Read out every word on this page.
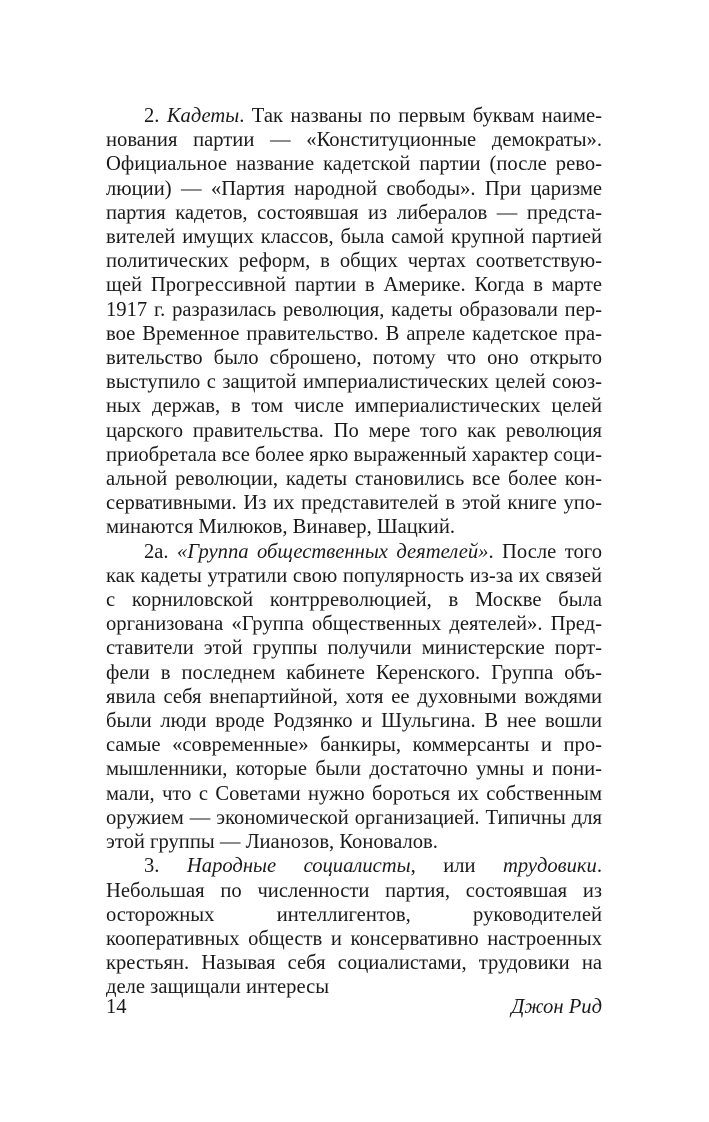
2. Кадеты. Так названы по первым буквам наименования партии — «Конституционные демократы». Официальное название кадетской партии (после революции) — «Партия народной свободы». При царизме партия кадетов, состоявшая из либералов — представителей имущих классов, была самой крупной партией политических реформ, в общих чертах соответствующей Прогрессивной партии в Америке. Когда в марте 1917 г. разразилась революция, кадеты образовали первое Временное правительство. В апреле кадетское правительство было сброшено, потому что оно открыто выступило с защитой империалистических целей союзных держав, в том числе империалистических целей царского правительства. По мере того как революция приобретала все более ярко выраженный характер социальной революции, кадеты становились все более консервативными. Из их представителей в этой книге упоминаются Милюков, Винавер, Шацкий.

2а. «Группа общественных деятелей». После того как кадеты утратили свою популярность из-за их связей с корниловской контрреволюцией, в Москве была организована «Группа общественных деятелей». Представители этой группы получили министерские портфели в последнем кабинете Керенского. Группа объявила себя внепартийной, хотя ее духовными вождями были люди вроде Родзянко и Шульгина. В нее вошли самые «современные» банкиры, коммерсанты и промышленники, которые были достаточно умны и понимали, что с Советами нужно бороться их собственным оружием — экономической организацией. Типичны для этой группы — Лианозов, Коновалов.

3. Народные социалисты, или трудовики. Небольшая по численности партия, состоявшая из осторожных интеллигентов, руководителей кооперативных обществ и консервативно настроенных крестьян. Называя себя социалистами, трудовики на деле защищали интересы

14	Джон Рид
